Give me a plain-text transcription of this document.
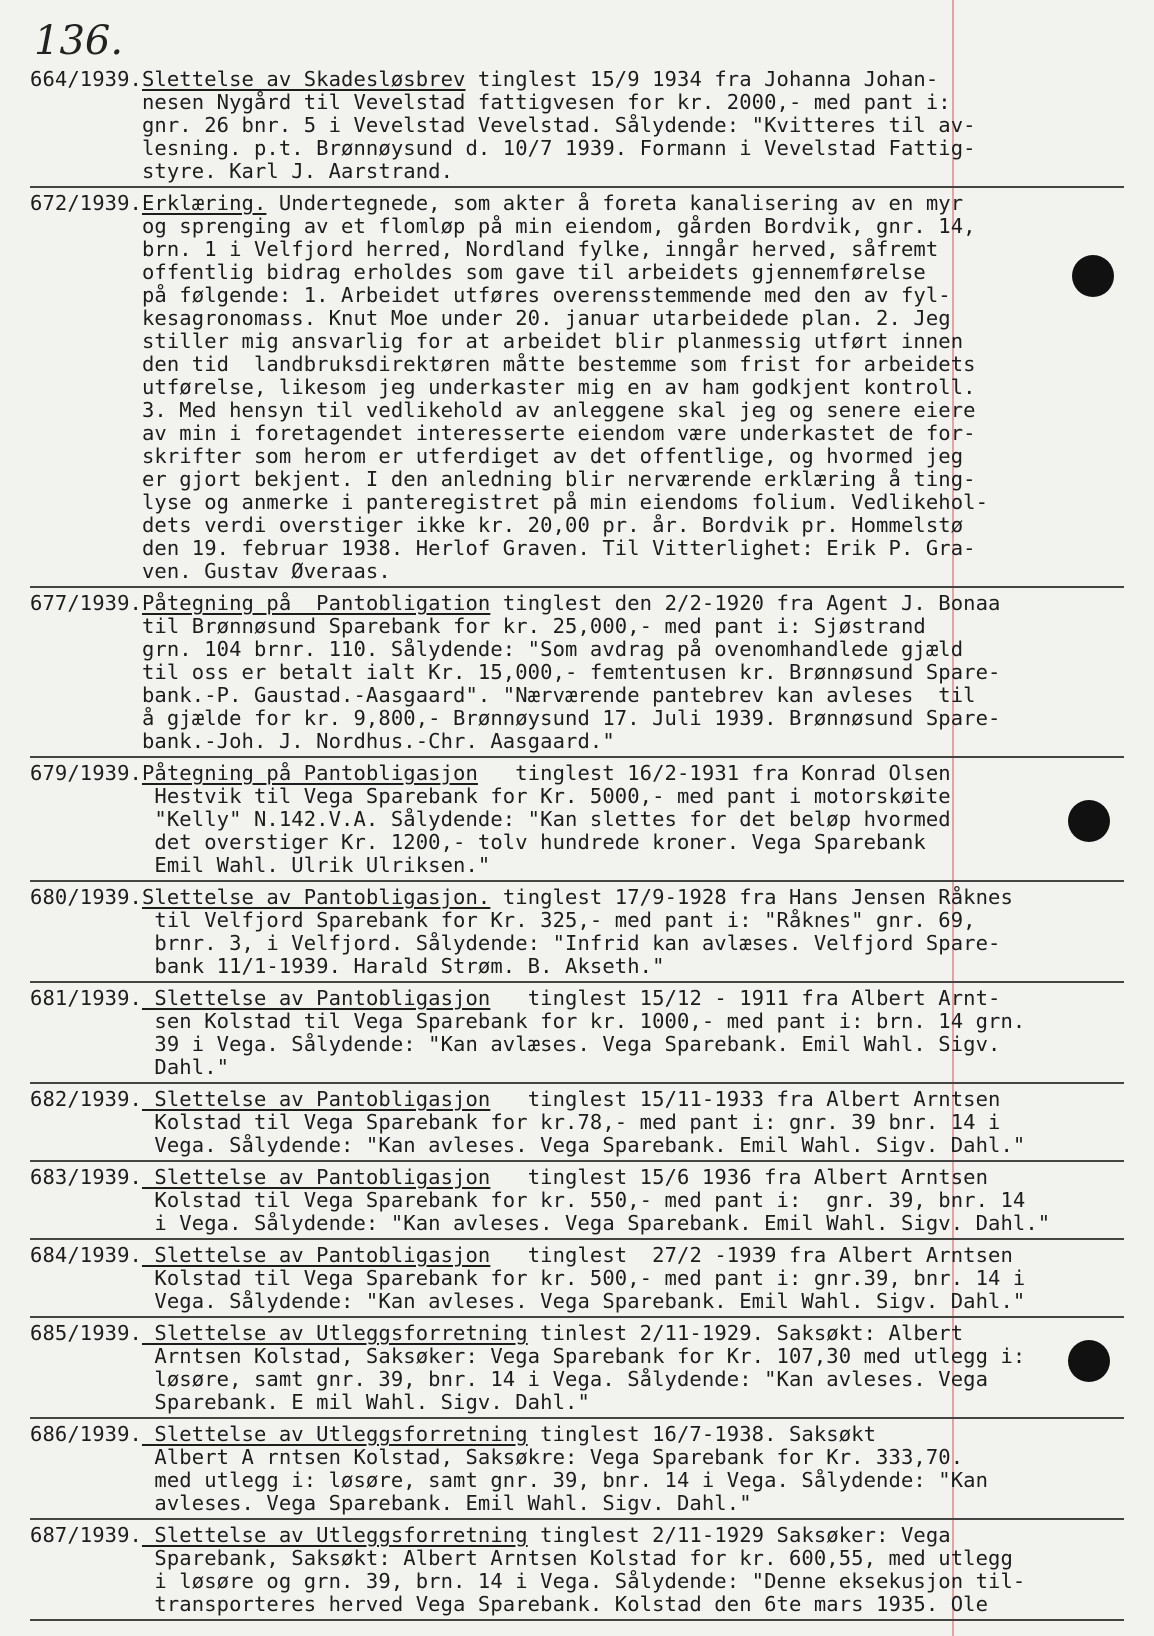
136.
664/1939.Slettelse av Skadesløsbrev tinglest 15/9 1934 fra Johanna Johan-
nesen Nygård til Vevelstad fattigvesen for kr. 2000,- med pant i:
gnr. 26 bnr. 5 i Vevelstad Vevelstad. Sålydende: "Kvitteres til av-
lesning. p.t. Brønnøysund d. 10/7 1939. Formann i Vevelstad Fattig-
styre. Karl J. Aarstrand.
672/1939.Erklæring. Undertegnede, som akter å foreta kanalisering av en myr
og sprenging av et flomløp på min eiendom, gården Bordvik, gnr. 14,
brn. 1 i Velfjord herred, Nordland fylke, inngår herved, såfremt
offentlig bidrag erholdes som gave til arbeidets gjennemførelse
på følgende: 1. Arbeidet utføres overensstemmende med den av fyl-
kesagronomass. Knut Moe under 20. januar utarbeidede plan. 2. Jeg
stiller mig ansvarlig for at arbeidet blir planmessig utført innen
den tid  landbruksdirektøren måtte bestemme som frist for arbeidets
utførelse, likesom jeg underkaster mig en av ham godkjent kontroll.
3. Med hensyn til vedlikehold av anleggene skal jeg og senere eiere
av min i foretagendet interesserte eiendom være underkastet de for-
skrifter som herom er utferdiget av det offentlige, og hvormed jeg
er gjort bekjent. I den anledning blir nerværende erklæring å ting-
lyse og anmerke i panteregistret på min eiendoms folium. Vedlikehol-
dets verdi overstiger ikke kr. 20,00 pr. år. Bordvik pr. Hommelstø
den 19. februar 1938. Herlof Graven. Til Vitterlighet: Erik P. Gra-
ven. Gustav Øveraas.
677/1939.Påtegning på  Pantobligation tinglest den 2/2-1920 fra Agent J. Bonaa
til Brønnøsund Sparebank for kr. 25,000,- med pant i: Sjøstrand
grn. 104 brnr. 110. Sålydende: "Som avdrag på ovenomhandlede gjæld
til oss er betalt ialt Kr. 15,000,- femtentusen kr. Brønnøsund Spare-
bank.-P. Gaustad.-Aasgaard". "Nærværende pantebrev kan avleses  til
å gjælde for kr. 9,800,- Brønnøysund 17. Juli 1939. Brønnøsund Spare-
bank.-Joh. J. Nordhus.-Chr. Aasgaard."
679/1939.Påtegning på Pantobligasjon   tinglest 16/2-1931 fra Konrad Olsen
Hestvik til Vega Sparebank for Kr. 5000,- med pant i motorskøite
"Kelly" N.142.V.A. Sålydende: "Kan slettes for det beløp hvormed
det overstiger Kr. 1200,- tolv hundrede kroner. Vega Sparebank
Emil Wahl. Ulrik Ulriksen."
680/1939.Slettelse av Pantobligasjon. tinglest 17/9-1928 fra Hans Jensen Råknes
til Velfjord Sparebank for Kr. 325,- med pant i: "Råknes" gnr. 69,
brnr. 3, i Velfjord. Sålydende: "Infrid kan avlæses. Velfjord Spare-
bank 11/1-1939. Harald Strøm. B. Akseth."
681/1939. Slettelse av Pantobligasjon   tinglest 15/12 - 1911 fra Albert Arnt-
sen Kolstad til Vega Sparebank for kr. 1000,- med pant i: brn. 14 grn.
39 i Vega. Sålydende: "Kan avlæses. Vega Sparebank. Emil Wahl. Sigv.
Dahl."
682/1939. Slettelse av Pantobligasjon   tinglest 15/11-1933 fra Albert Arntsen
Kolstad til Vega Sparebank for kr.78,- med pant i: gnr. 39 bnr. 14 i
Vega. Sålydende: "Kan avleses. Vega Sparebank. Emil Wahl. Sigv. Dahl."
683/1939. Slettelse av Pantobligasjon   tinglest 15/6 1936 fra Albert Arntsen
Kolstad til Vega Sparebank for kr. 550,- med pant i:  gnr. 39, bnr. 14
i Vega. Sålydende: "Kan avleses. Vega Sparebank. Emil Wahl. Sigv. Dahl."
684/1939. Slettelse av Pantobligasjon   tinglest  27/2 -1939 fra Albert Arntsen
Kolstad til Vega Sparebank for kr. 500,- med pant i: gnr.39, bnr. 14 i
Vega. Sålydende: "Kan avleses. Vega Sparebank. Emil Wahl. Sigv. Dahl."
685/1939. Slettelse av Utleggsforretning tinlest 2/11-1929. Saksøkt: Albert
Arntsen Kolstad, Saksøker: Vega Sparebank for Kr. 107,30 med utlegg i:
løsøre, samt gnr. 39, bnr. 14 i Vega. Sålydende: "Kan avleses. Vega
Sparebank. E mil Wahl. Sigv. Dahl."
686/1939. Slettelse av Utleggsforretning tinglest 16/7-1938. Saksøkt
Albert A rntsen Kolstad, Saksøkre: Vega Sparebank for Kr. 333,70.
med utlegg i: løsøre, samt gnr. 39, bnr. 14 i Vega. Sålydende: "Kan
avleses. Vega Sparebank. Emil Wahl. Sigv. Dahl."
687/1939. Slettelse av Utleggsforretning tinglest 2/11-1929 Saksøker: Vega
Sparebank, Saksøkt: Albert Arntsen Kolstad for kr. 600,55, med utlegg
i løsøre og grn. 39, brn. 14 i Vega. Sålydende: "Denne eksekusjon til-
transporteres herved Vega Sparebank. Kolstad den 6te mars 1935. Ole
